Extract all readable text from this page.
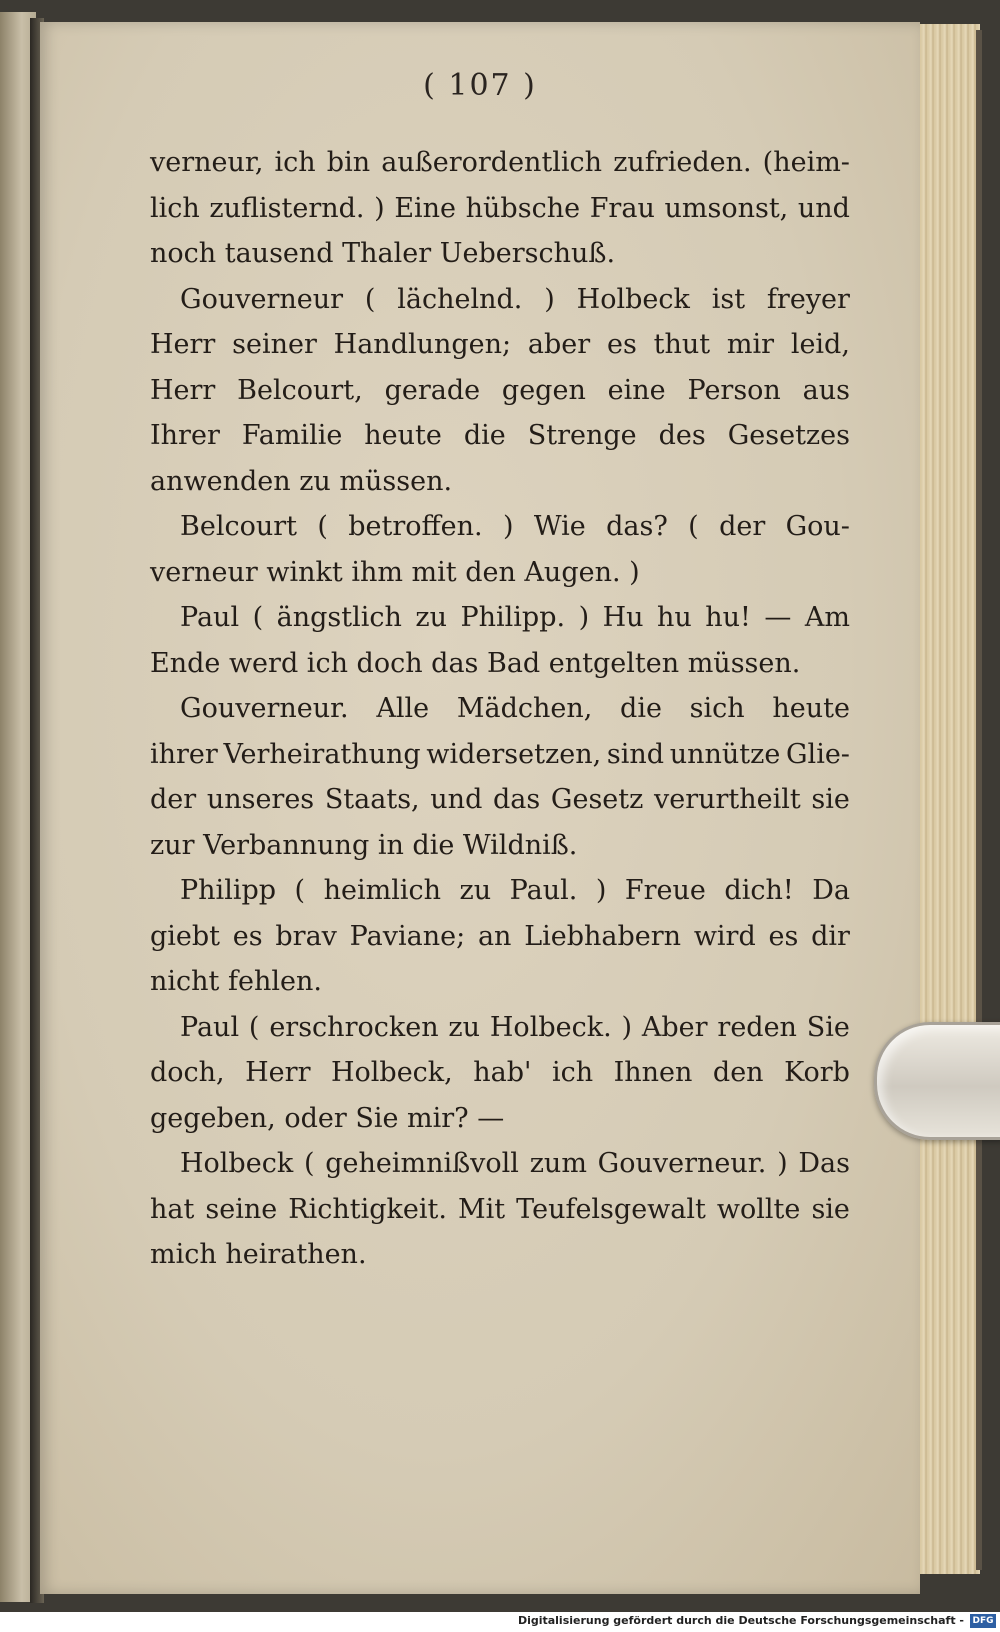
( 107 )
verneur, ich bin außerordentlich zufrieden. (heim-
lich zuflisternd. ) Eine hübsche Frau umsonst, und
noch tausend Thaler Ueberschuß.
Gouverneur ( lächelnd. ) Holbeck ist freyer
Herr seiner Handlungen; aber es thut mir leid,
Herr Belcourt, gerade gegen eine Person aus
Ihrer Familie heute die Strenge des Gesetzes
anwenden zu müssen.
Belcourt ( betroffen. ) Wie das? ( der Gou-
verneur winkt ihm mit den Augen. )
Paul ( ängstlich zu Philipp. ) Hu hu hu! — Am
Ende werd ich doch das Bad entgelten müssen.
Gouverneur. Alle Mädchen, die sich heute
ihrer Verheirathung widersetzen, sind unnütze Glie-
der unseres Staats, und das Gesetz verurtheilt sie
zur Verbannung in die Wildniß.
Philipp ( heimlich zu Paul. ) Freue dich! Da
giebt es brav Paviane; an Liebhabern wird es dir
nicht fehlen.
Paul ( erschrocken zu Holbeck. ) Aber reden Sie
doch, Herr Holbeck, hab' ich Ihnen den Korb
gegeben, oder Sie mir? —
Holbeck ( geheimnißvoll zum Gouverneur. ) Das
hat seine Richtigkeit. Mit Teufelsgewalt wollte sie
mich heirathen.
Digitalisierung gefördert durch die Deutsche Forschungsgemeinschaft - DFG
